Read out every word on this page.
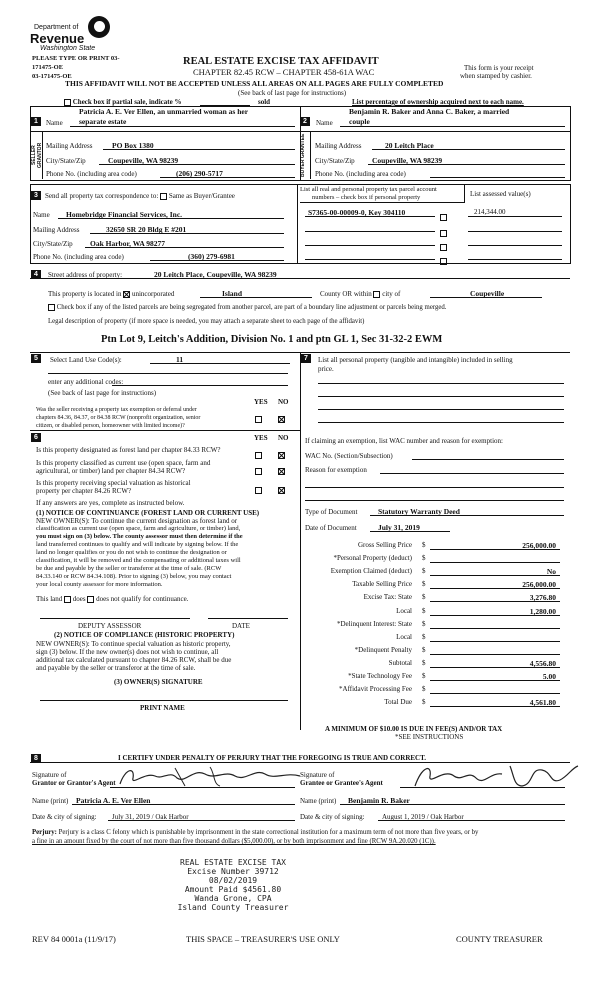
Department of
Revenue
Washington State
PLEASE TYPE OR PRINT 03-
171475-OE
03-171475-OE
REAL ESTATE EXCISE TAX AFFIDAVIT
CHAPTER 82.45 RCW – CHAPTER 458-61A WAC	This form is your receipt
when stamped by cashier.
THIS AFFIDAVIT WILL NOT BE ACCEPTED UNLESS ALL AREAS ON ALL PAGES ARE FULLY COMPLETED
(See back of last page for instructions)
Check box if partial sale, indicate %	sold	List percentage of ownership acquired next to each name.
1	Name
Patricia A. E. Ver Ellen, an unmarried woman as her
separate estate
SELLER GRANTOR Mailing Address	PO Box 1380
City/State/Zip	Coupeville, WA 98239
Phone No. (including area code)	(206) 290-5717
2	Name
Benjamin R. Baker and Anna C. Baker, a married
couple
BUYER GRANTEE	Mailing Address	20 Leitch Place
City/State/Zip Coupeville, WA 98239
Phone No. (including area code)
3	Send all property tax correspondence to: Same as Buyer/Grantee
Name Homebridge Financial Services, Inc.
Mailing Address	32650 SR 20 Bldg E #201
City/State/Zip Oak Harbor, WA 98277
Phone No. (including area code)	(360) 279-6981
List all real and personal property tax parcel account
numbers – check box if personal property	List assessed value(s)
S7365-00-00009-0, Key 304110	214,344.00
4	Street address of property:	20 Leitch Place, Coupeville, WA 98239
This property is located in unincorporated	Island	County OR within city of	Coupeville
Check box if any of the listed parcels are being segregated from another parcel, are part of a boundary line adjustment or parcels being merged.
Legal description of property (if more space is needed, you may attach a separate sheet to each page of the affidavit)
Ptn Lot 9, Leitch's Addition, Division No. 1 and ptn GL 1, Sec 31-32-2 EWM
5	Select Land Use Code(s):	11
enter any additional codes:
(See back of last page for instructions)
YES NO
Was the seller receiving a property tax exemption or deferral under
chapters 84.36, 84.37, or 84.38 RCW (nonprofit organization, senior
citizen, or disabled person, homeowner with limited income)?
7	List all personal property (tangible and intangible) included in selling
price.
6	YES NO
Is this property designated as forest land per chapter 84.33 RCW?
Is this property classified as current use (open space, farm and
agricultural, or timber) land per chapter 84.34 RCW?
Is this property receiving special valuation as historical
property per chapter 84.26 RCW?
If any answers are yes, complete as instructed below.
(1) NOTICE OF CONTINUANCE (FOREST LAND OR CURRENT USE)
NEW OWNER(S): To continue the current designation as forest land or
classification as current use (open space, farm and agriculture, or timber) land,
you must sign on (3) below. The county assessor must then determine if the
land transferred continues to qualify and will indicate by signing below. If the
land no longer qualifies or you do not wish to continue the designation or
classification, it will be removed and the compensating or additional taxes will
be due and payable by the seller or transferor at the time of sale. (RCW
84.33.140 or RCW 84.34.108). Prior to signing (3) below, you may contact
your local county assessor for more information.
This land does does not qualify for continuance.
DEPUTY ASSESSOR	DATE
(2) NOTICE OF COMPLIANCE (HISTORIC PROPERTY)
NEW OWNER(S): To continue special valuation as historic property,
sign (3) below. If the new owner(s) does not wish to continue, all
additional tax calculated pursuant to chapter 84.26 RCW, shall be due
and payable by the seller or transferor at the time of sale.
(3) OWNER(S) SIGNATURE
PRINT NAME
If claiming an exemption, list WAC number and reason for exemption:
WAC No. (Section/Subsection)
Reason for exemption
Type of Document	Statutory Warranty Deed
Date of Document	July 31, 2019
Gross Selling Price $	256,000.00
*Personal Property (deduct) $
Exemption Claimed (deduct) $	No
Taxable Selling Price $	256,000.00
Excise Tax: State $	3,276.80
Local $	1,280.00
*Delinquent Interest: State $
Local $
*Delinquent Penalty $
Subtotal $	4,556.80
*State Technology Fee $	5.00
*Affidavit Processing Fee $
Total Due $	4,561.80
A MINIMUM OF $10.00 IS DUE IN FEE(S) AND/OR TAX
*SEE INSTRUCTIONS
8	I CERTIFY UNDER PENALTY OF PERJURY THAT THE FOREGOING IS TRUE AND CORRECT.
Signature of
Grantor or Grantor's Agent
Signature of
Grantee or Grantee's Agent
Name (print) Patricia A. E. Ver Ellen	Name (print) Benjamin R. Baker
Date & city of signing: July 31, 2019 / Oak Harbor	Date & city of signing: August 1, 2019 / Oak Harbor
Perjury: Perjury is a class C felony which is punishable by imprisonment in the state correctional institution for a maximum term of not more than five years, or by
a fine in an amount fixed by the court of not more than five thousand dollars ($5,000.00), or by both imprisonment and fine (RCW 9A.20.020 (1C)).
REAL ESTATE EXCISE TAX
Excise Number 39712
08/02/2019
Amount Paid $4561.80
Wanda Grone, CPA
Island County Treasurer
REV 84 0001a (11/9/17)	THIS SPACE – TREASURER'S USE ONLY	COUNTY TREASURER
